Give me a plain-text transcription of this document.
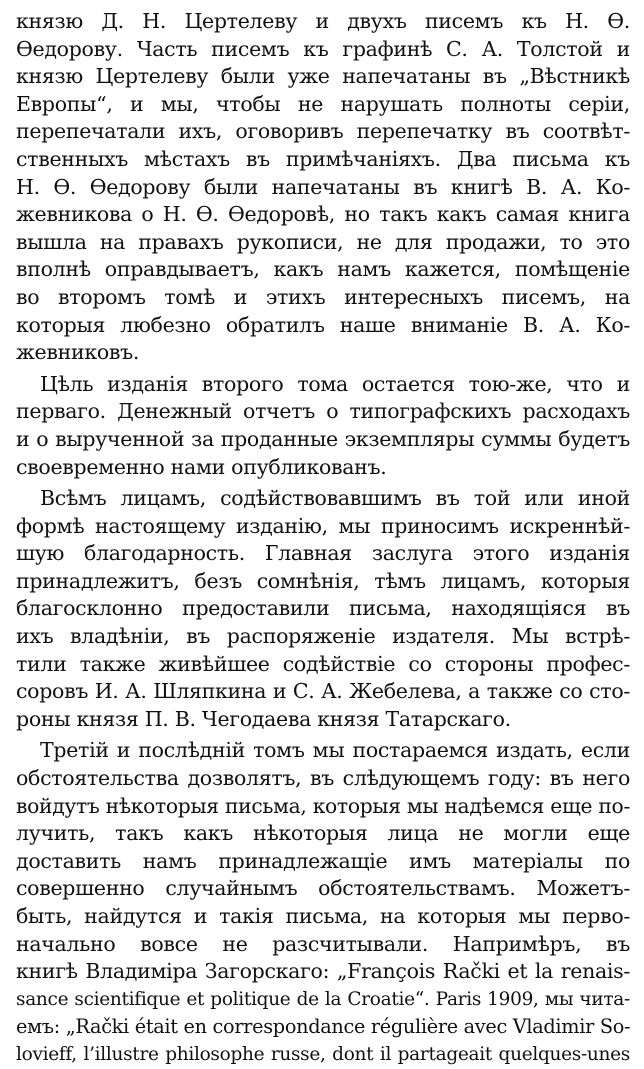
князю Д. Н. Цертелеву и двухъ писемъ къ Н. Ѳ.
Ѳедорову. Часть писемъ къ графинѣ С. А. Толстой и
князю Цертелеву были уже напечатаны въ „Вѣстникѣ
Европы“, и мы, чтобы не нарушать полноты серіи,
перепечатали ихъ, оговоривъ перепечатку въ соотвѣт-
ственныхъ мѣстахъ въ примѣчаніяхъ. Два письма къ
Н. Ѳ. Ѳедорову были напечатаны въ книгѣ В. А. Ко-
жевникова о Н. Ѳ. Ѳедоровѣ, но такъ какъ самая книга
вышла на правахъ рукописи, не для продажи, то это
вполнѣ оправдываетъ, какъ намъ кажется, помѣщеніе
во второмъ томѣ и этихъ интересныхъ писемъ, на
которыя любезно обратилъ наше вниманіе В. А. Ко-
жевниковъ.
Цѣль изданія второго тома остается тою-же, что и
перваго. Денежный отчетъ о типографскихъ расходахъ
и о вырученной за проданные экземпляры суммы будетъ
своевременно нами опубликованъ.
Всѣмъ лицамъ, содѣйствовавшимъ въ той или иной
формѣ настоящему изданію, мы приносимъ искреннѣй-
шую благодарность. Главная заслуга этого изданія
принадлежитъ, безъ сомнѣнія, тѣмъ лицамъ, которыя
благосклонно предоставили письма, находящіяся въ
ихъ владѣніи, въ распоряженіе издателя. Мы встрѣ-
тили также живѣйшее содѣйствіе со стороны профес-
соровъ И. А. Шляпкина и С. А. Жебелева, а также со сто-
роны князя П. В. Чегодаева князя Татарскаго.
Третій и послѣдній томъ мы постараемся издать, если
обстоятельства дозволятъ, въ слѣдующемъ году: въ него
войдутъ нѣкоторыя письма, которыя мы надѣемся еще по-
лучить, такъ какъ нѣкоторыя лица не могли еще
доставить намъ принадлежащіе имъ матеріалы по
совершенно случайнымъ обстоятельствамъ. Можетъ-
быть, найдутся и такія письма, на которыя мы перво-
начально вовсе не разсчитывали. Напримѣръ, въ
книгѣ Владиміра Загорскаго: „François Rački et la renais-
sance scientifique et politique de la Croatie“. Paris 1909, мы чита-
емъ: „Rački était en correspondance régulière avec Vladimir So-
lovieff, l’illustre philosophe russe, dont il partageait quelques-unes
